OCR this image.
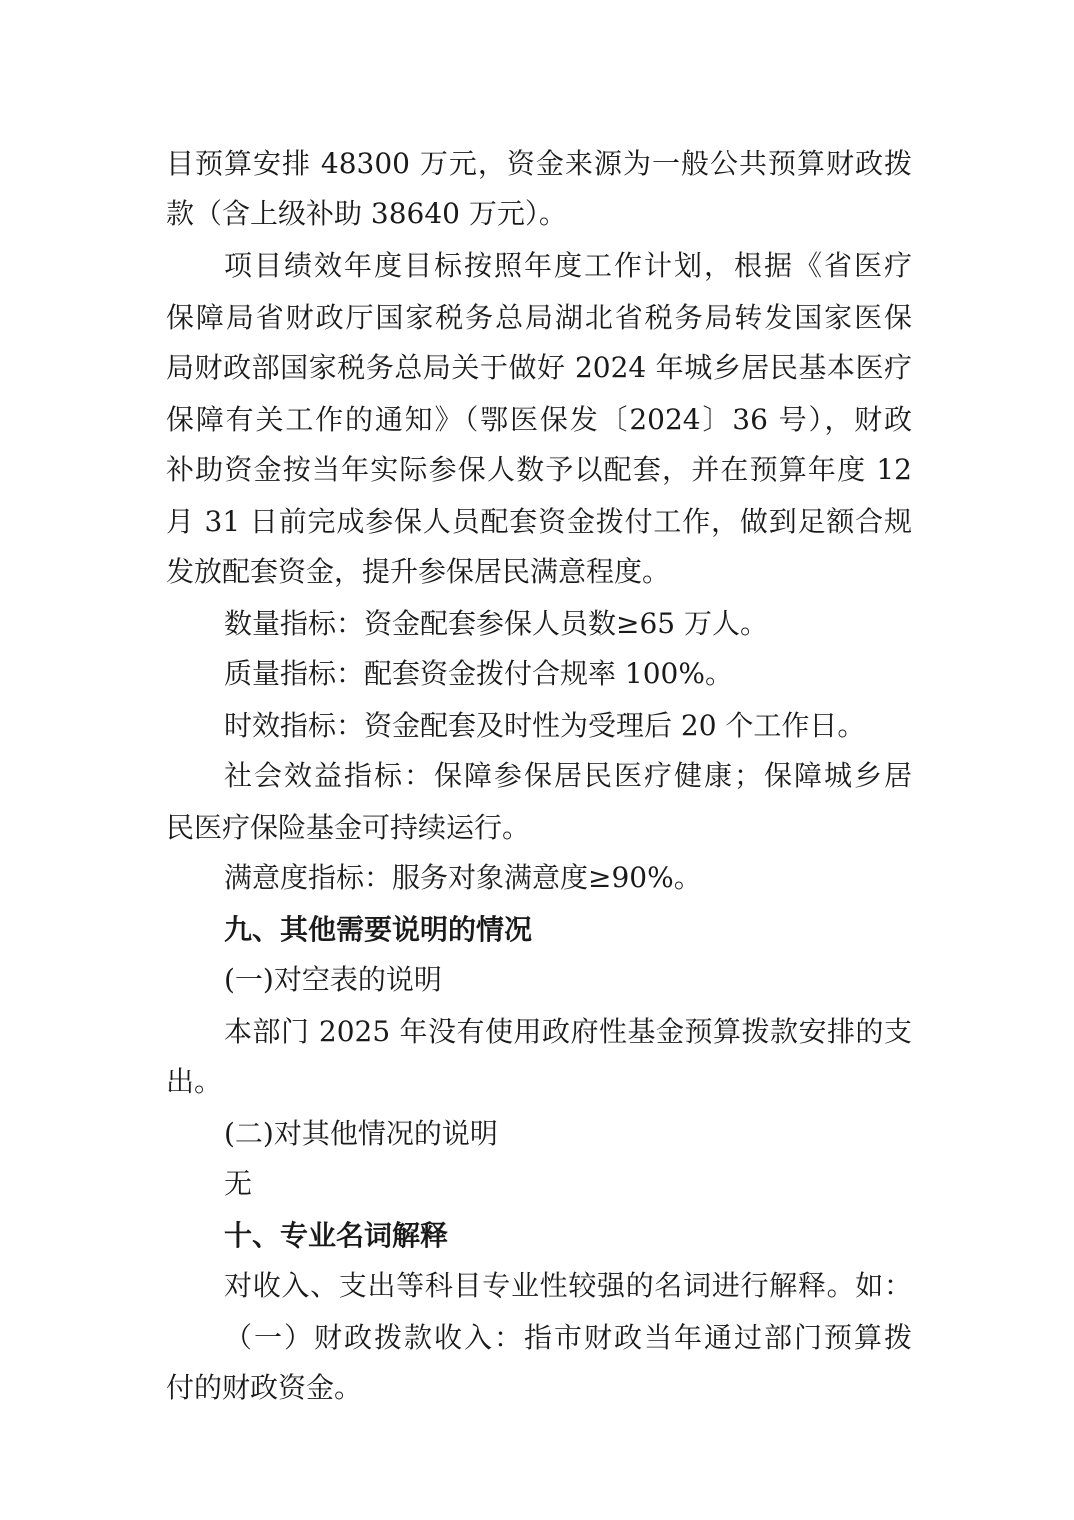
目预算安排 48300 万元，资金来源为一般公共预算财政拨
款（含上级补助 38640 万元）。
项目绩效年度目标按照年度工作计划，根据《省医疗
保障局省财政厅国家税务总局湖北省税务局转发国家医保
局财政部国家税务总局关于做好 2024 年城乡居民基本医疗
保障有关工作的通知》（鄂医保发〔2024〕36 号），财政
补助资金按当年实际参保人数予以配套，并在预算年度 12
月 31 日前完成参保人员配套资金拨付工作，做到足额合规
发放配套资金，提升参保居民满意程度。
数量指标：资金配套参保人员数≥65 万人。
质量指标：配套资金拨付合规率 100%。
时效指标：资金配套及时性为受理后 20 个工作日。
社会效益指标：保障参保居民医疗健康；保障城乡居
民医疗保险基金可持续运行。
满意度指标：服务对象满意度≥90%。
九、其他需要说明的情况
(一)对空表的说明
本部门 2025 年没有使用政府性基金预算拨款安排的支
出。
(二)对其他情况的说明
无
十、专业名词解释
对收入、支出等科目专业性较强的名词进行解释。如：
（一）财政拨款收入：指市财政当年通过部门预算拨
付的财政资金。
